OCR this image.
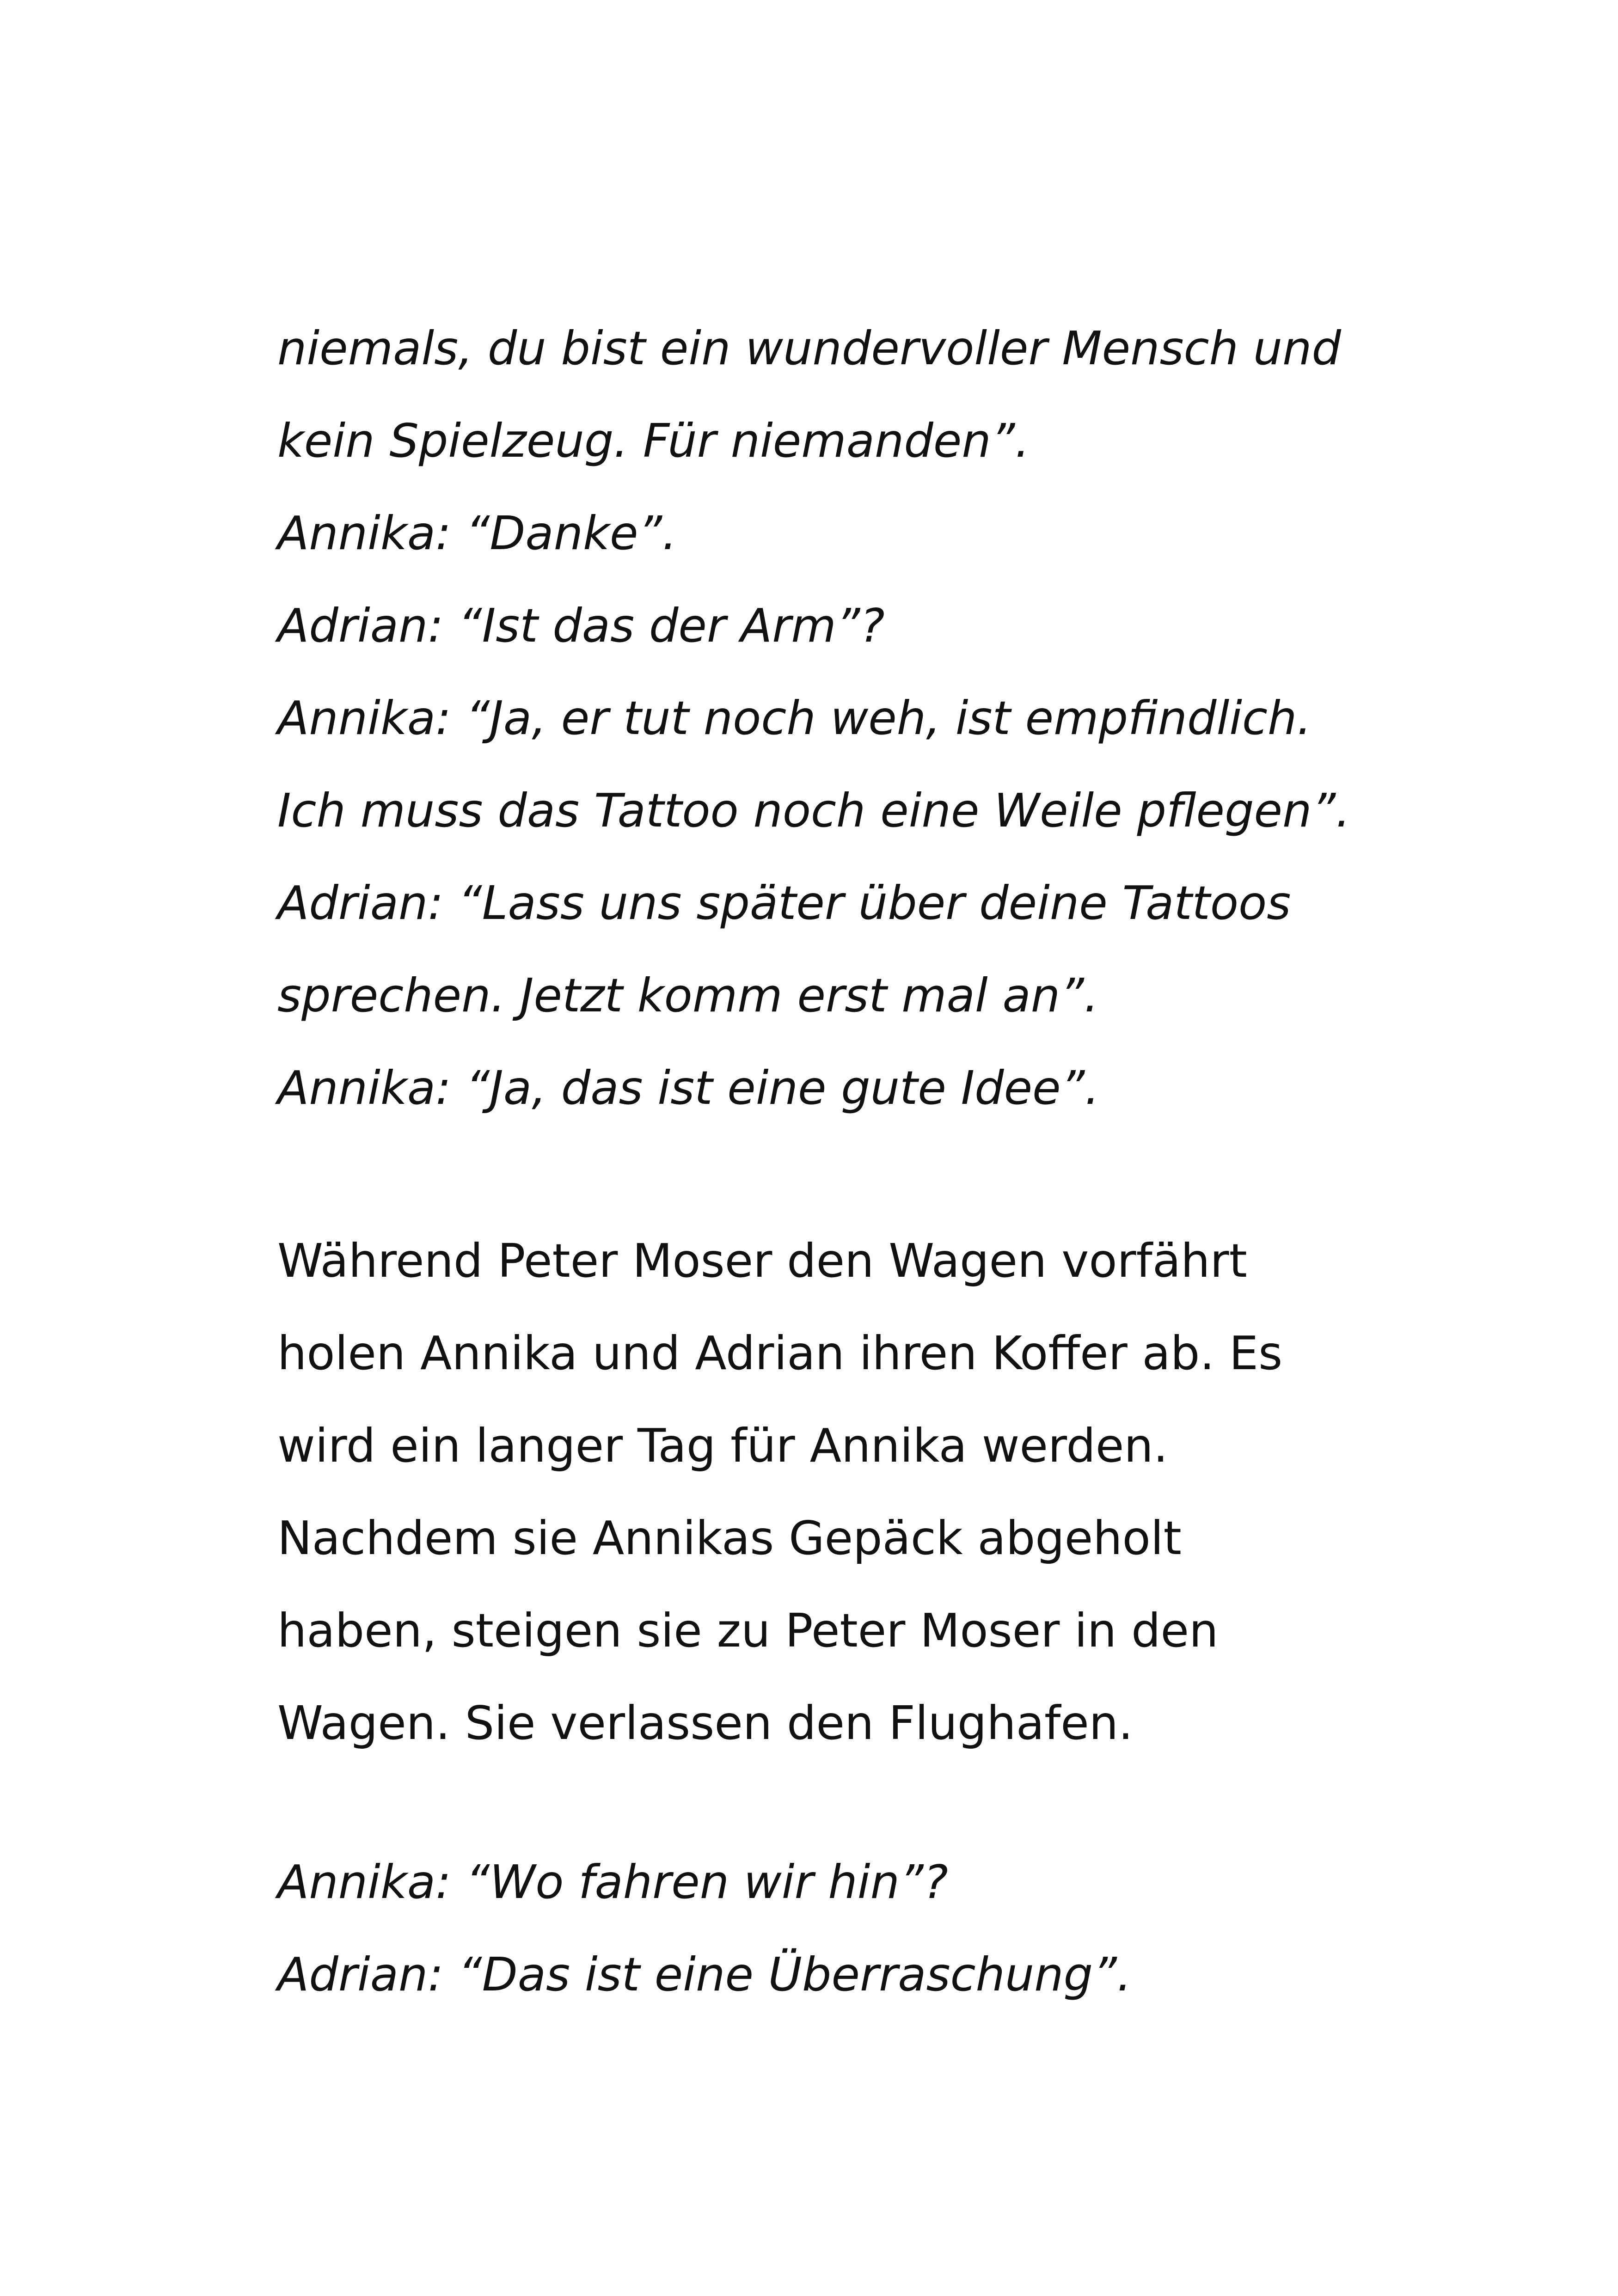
niemals, du bist ein wundervoller Mensch und
kein Spielzeug. Für niemanden”.
Annika: “Danke”.
Adrian: “Ist das der Arm”?
Annika: “Ja, er tut noch weh, ist empfindlich.
Ich muss das Tattoo noch eine Weile pflegen”.
Adrian: “Lass uns später über deine Tattoos
sprechen. Jetzt komm erst mal an”.
Annika: “Ja, das ist eine gute Idee”.
Während Peter Moser den Wagen vorfährt
holen Annika und Adrian ihren Koffer ab. Es
wird ein langer Tag für Annika werden.
Nachdem sie Annikas Gepäck abgeholt
haben, steigen sie zu Peter Moser in den
Wagen. Sie verlassen den Flughafen.
Annika: “Wo fahren wir hin”?
Adrian: “Das ist eine Überraschung”.
